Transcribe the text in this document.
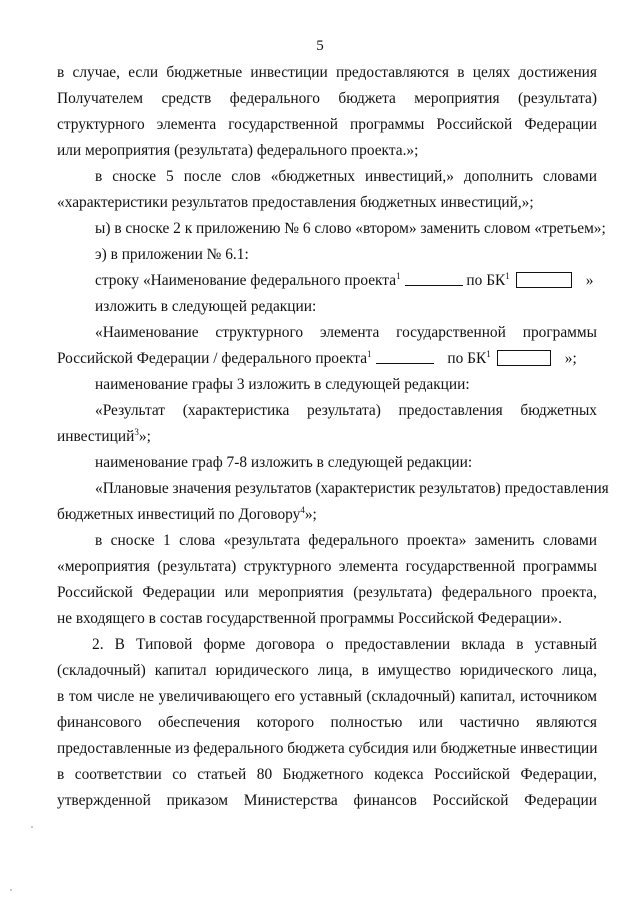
5
в случае, если бюджетные инвестиции предоставляются в целях достижения
Получателем средств федерального бюджета мероприятия (результата)
структурного элемента государственной программы Российской Федерации
или мероприятия (результата) федерального проекта.»;
в сноске 5 после слов «бюджетных инвестиций,» дополнить словами
«характеристики результатов предоставления бюджетных инвестиций,»;
ы) в сноске 2 к приложению № 6 слово «втором» заменить словом «третьем»;
э) в приложении № 6.1:
строку «Наименование федерального проекта$^1$	по $БК^1$	»
изложить в следующей редакции:
«Наименование структурного элемента государственной программы
Российской Федерации / федерального проекта$^1$	по $БК^1$	»;
наименование графы 3 изложить в следующей редакции:
«Результат (характеристика результата) предоставления бюджетных
инвестиций$^3$»;
наименование граф 7-8 изложить в следующей редакции:
«Плановые значения результатов (характеристик результатов) предоставления
бюджетных инвестиций по Договору$^4$»;
в сноске 1 слова «результата федерального проекта» заменить словами
«мероприятия (результата) структурного элемента государственной программы
Российской Федерации или мероприятия (результата) федерального проекта,
не входящего в состав государственной программы Российской Федерации».
2. В Типовой форме договора о предоставлении вклада в уставный
(складочный) капитал юридического лица, в имущество юридического лица,
в том числе не увеличивающего его уставный (складочный) капитал, источником
финансового обеспечения которого полностью или частично являются
предоставленные из федерального бюджета субсидия или бюджетные инвестиции
в соответствии со статьей 80 Бюджетного кодекса Российской Федерации,
утвержденной приказом Министерства финансов Российской Федерации
